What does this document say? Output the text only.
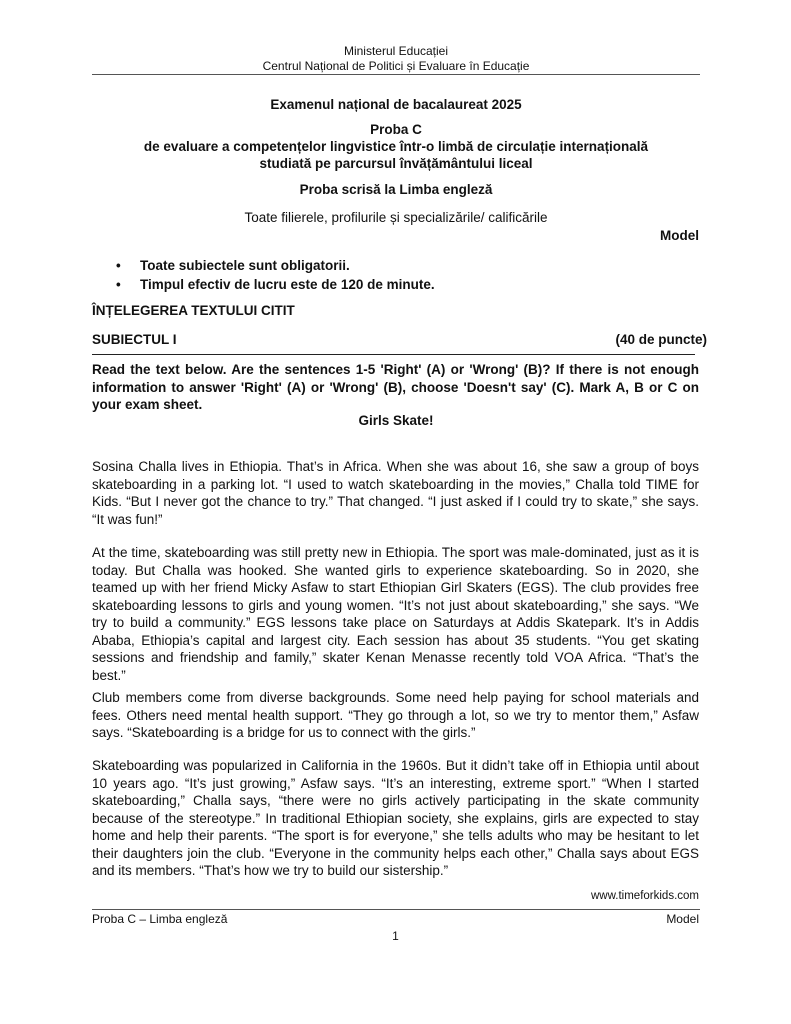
Ministerul Educației
Centrul Național de Politici și Evaluare în Educație
Examenul național de bacalaureat 2025
Proba C
de evaluare a competențelor lingvistice într-o limbă de circulație internațională
studiată pe parcursul învățământului liceal
Proba scrisă la Limba engleză
Toate filierele, profilurile și specializările/ calificările
Model
• Toate subiectele sunt obligatorii.
• Timpul efectiv de lucru este de 120 de minute.
ÎNȚELEGEREA TEXTULUI CITIT
SUBIECTUL I	(40 de puncte)
Read the text below. Are the sentences 1-5 'Right' (A) or 'Wrong' (B)? If there is not enough information to answer 'Right' (A) or 'Wrong' (B), choose 'Doesn't say' (C). Mark A, B or C on your exam sheet.
Girls Skate!

Sosina Challa lives in Ethiopia. That’s in Africa. When she was about 16, she saw a group of boys skateboarding in a parking lot. “I used to watch skateboarding in the movies,” Challa told TIME for Kids. “But I never got the chance to try.” That changed. “I just asked if I could try to skate,” she says. “It was fun!”

At the time, skateboarding was still pretty new in Ethiopia. The sport was male-dominated, just as it is today. But Challa was hooked. She wanted girls to experience skateboarding. So in 2020, she teamed up with her friend Micky Asfaw to start Ethiopian Girl Skaters (EGS). The club provides free skateboarding lessons to girls and young women. “It’s not just about skateboarding,” she says. “We try to build a community.” EGS lessons take place on Saturdays at Addis Skatepark. It’s in Addis Ababa, Ethiopia’s capital and largest city. Each session has about 35 students. “You get skating sessions and friendship and family,” skater Kenan Menasse recently told VOA Africa. “That’s the best.”

Club members come from diverse backgrounds. Some need help paying for school materials and fees. Others need mental health support. “They go through a lot, so we try to mentor them,” Asfaw says. “Skateboarding is a bridge for us to connect with the girls.”

Skateboarding was popularized in California in the 1960s. But it didn’t take off in Ethiopia until about 10 years ago. “It’s just growing,” Asfaw says. “It’s an interesting, extreme sport.” “When I started skateboarding,” Challa says, “there were no girls actively participating in the skate community because of the stereotype.” In traditional Ethiopian society, she explains, girls are expected to stay home and help their parents. “The sport is for everyone,” she tells adults who may be hesitant to let their daughters join the club. “Everyone in the community helps each other,” Challa says about EGS and its members. “That’s how we try to build our sistership.”

www.timeforkids.com
Proba C – Limba engleză	Model
1
